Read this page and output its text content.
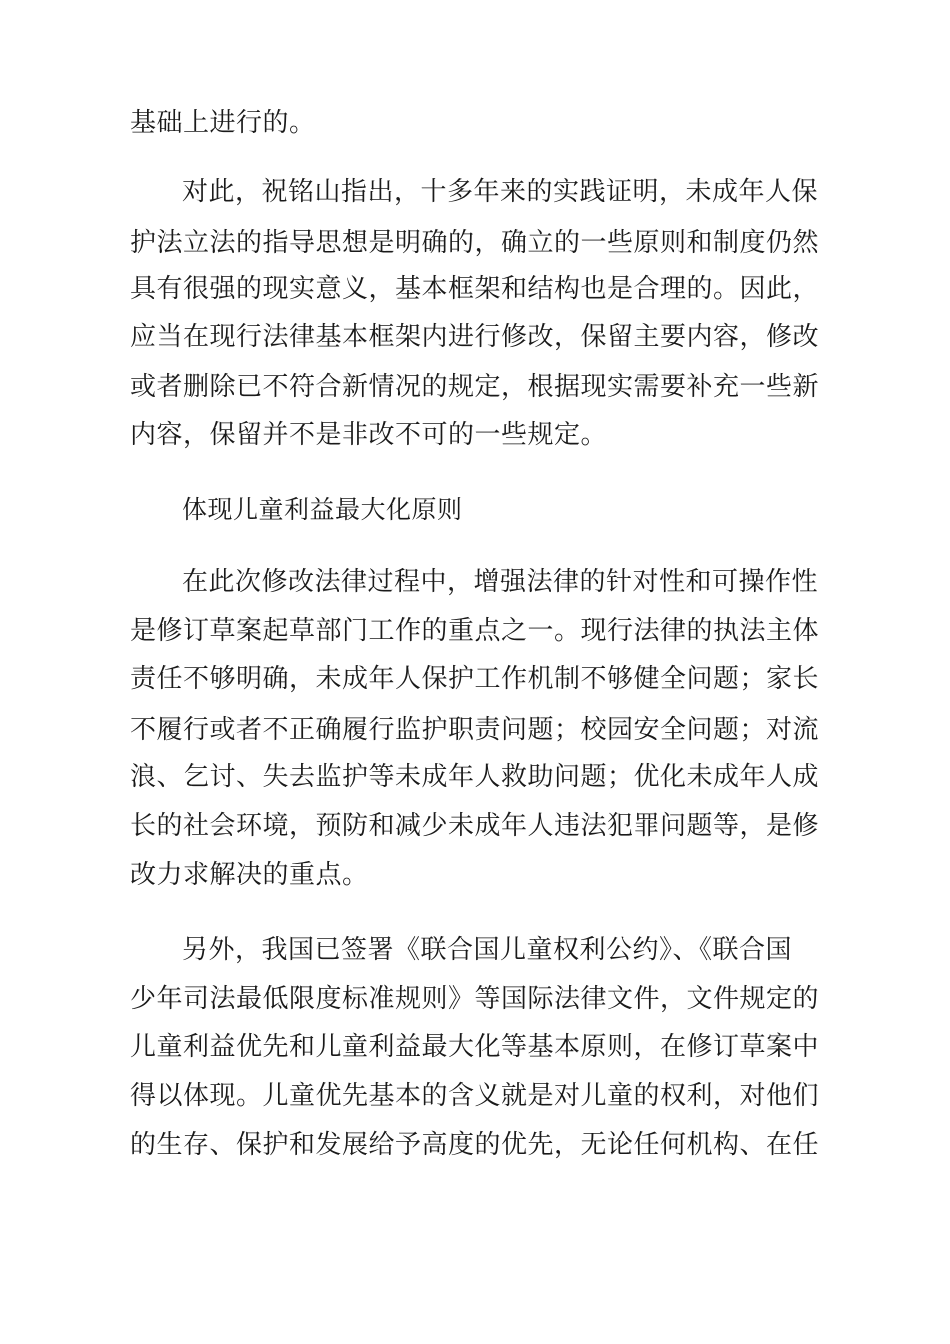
基础上进行的。
对此，祝铭山指出，十多年来的实践证明，未成年人保
护法立法的指导思想是明确的，确立的一些原则和制度仍然
具有很强的现实意义，基本框架和结构也是合理的。因此，
应当在现行法律基本框架内进行修改，保留主要内容，修改
或者删除已不符合新情况的规定，根据现实需要补充一些新
内容，保留并不是非改不可的一些规定。
体现儿童利益最大化原则
在此次修改法律过程中，增强法律的针对性和可操作性
是修订草案起草部门工作的重点之一。现行法律的执法主体
责任不够明确，未成年人保护工作机制不够健全问题；家长
不履行或者不正确履行监护职责问题；校园安全问题；对流
浪、乞讨、失去监护等未成年人救助问题；优化未成年人成
长的社会环境，预防和减少未成年人违法犯罪问题等，是修
改力求解决的重点。
另外，我国已签署《联合国儿童权利公约》、《联合国
少年司法最低限度标准规则》等国际法律文件，文件规定的
儿童利益优先和儿童利益最大化等基本原则，在修订草案中
得以体现。儿童优先基本的含义就是对儿童的权利，对他们
的生存、保护和发展给予高度的优先，无论任何机构、在任
